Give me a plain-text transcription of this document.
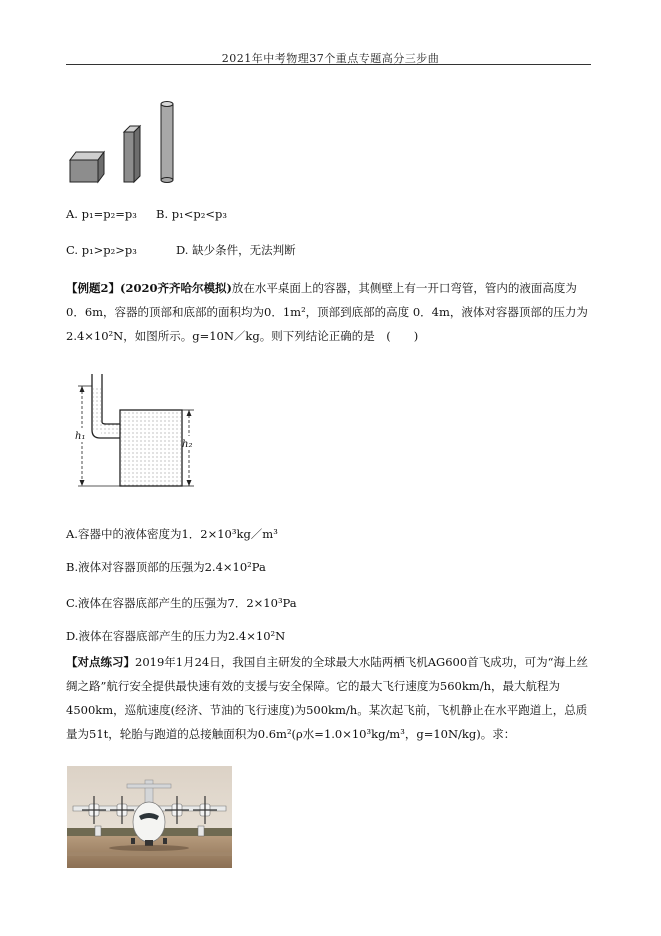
2021年中考物理37个重点专题高分三步曲
A. p₁=p₂=p₃ B. p₁<p₂<p₃
C. p₁>p₂>p₃	D. 缺少条件，无法判断
【例题2】(2020齐齐哈尔模拟)放在水平桌面上的容器，其侧壁上有一开口弯管，管内的液面高度为0．6m，容器的顶部和底部的面积均为0．1m²，顶部到底部的高度 0．4m，液体对容器顶部的压力为2.4×10²N，如图所示。g=10N／kg。则下列结论正确的是　(　　)
h₁
h₂
A.容器中的液体密度为1．2×10³kg／m³
B.液体对容器顶部的压强为2.4×10²Pa
C.液体在容器底部产生的压强为7．2×10³Pa
D.液体在容器底部产生的压力为2.4×10²N
【对点练习】2019年1月24日，我国自主研发的全球最大水陆两栖飞机AG600首飞成功，可为“海上丝绸之路”航行安全提供最快速有效的支援与安全保障。它的最大飞行速度为560km/h，最大航程为4500km，巡航速度(经济、节油的飞行速度)为500km/h。某次起飞前，飞机静止在水平跑道上，总质量为51t，轮胎与跑道的总接触面积为0.6m²(ρ水=1.0×10³kg/m³，g=10N/kg)。求：
